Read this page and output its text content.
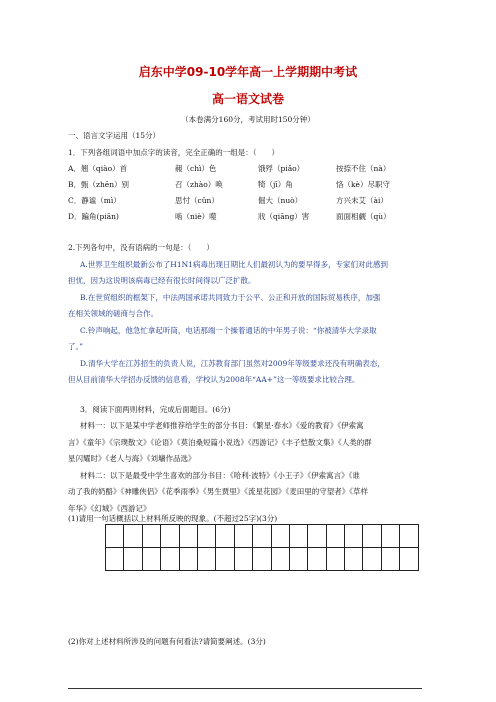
启东中学09-10学年高一上学期期中考试
高一语文试卷
（本卷满分160分，考试用时150分钟）
一、语言文字运用（15分）
1．下列各组词语中加点字的读音，完全正确的一组是：（　　）
A．翘（qiào）首	赧（chì）色	饿殍（piǎo）	按捺不住（nà）
B．甄（zhēn）别	召（zhào）唤	犄（jī）角	恪（kè）尽职守
C．静谧（mì）	思忖（cǔn）	倔大（nuò）	方兴未艾（ài）
D．蹁角(piān)	啮（niè）噬	戕（qiāng）害	面面相觑（qù）
2.下列各句中，没有语病的一句是：（　　）
A.世界卫生组织最新公布了H1N1病毒出现日期比人们最初认为的要早得多，专家们对此感到
担忧，因为这说明该病毒已经有很长时间得以广泛扩散。
B.在世贸组织的框架下，中法两国承诺共同致力于公平、公正和开放的国际贸易秩序，加强
在相关领域的磋商与合作。
C.铃声响起，他急忙拿起听筒，电话那端一个操着通话的中年男子说：“你被清华大学录取
了。”
D.清华大学在江苏招生的负责人说，江苏教育部门虽然对2009年等级要求还没有明确表态，
但从目前清华大学招办反馈的信息看，学校认为2008年“AA+”这一等级要求比较合理。
3．阅读下面两则材料，完成后面题目。(6分)
材料一：以下是某中学老师推荐给学生的部分书目：《繁星·春水》《爱的教育》《伊索寓
言》《童年》《宗璞散文》《论语》《莫泊桑短篇小说选》《西游记》《丰子恺散文集》《人类的群
星闪耀时》《老人与海》《刘墉作品选》
材料二：以下是最受中学生喜欢的部分书目：《哈利·波特》《小王子》《伊索寓言》《谁
动了我的奶酪》《神雕侠侣》《花季雨季》《男生贾里》《流星花园》《麦田里的守望者》《草样
年华》《幻城》《西游记》
(1)请用一句话概括以上材料所反映的现象。(不超过25字)(3分)

(2)你对上述材料所涉及的问题有何看法?请简要阐述。(3分)
